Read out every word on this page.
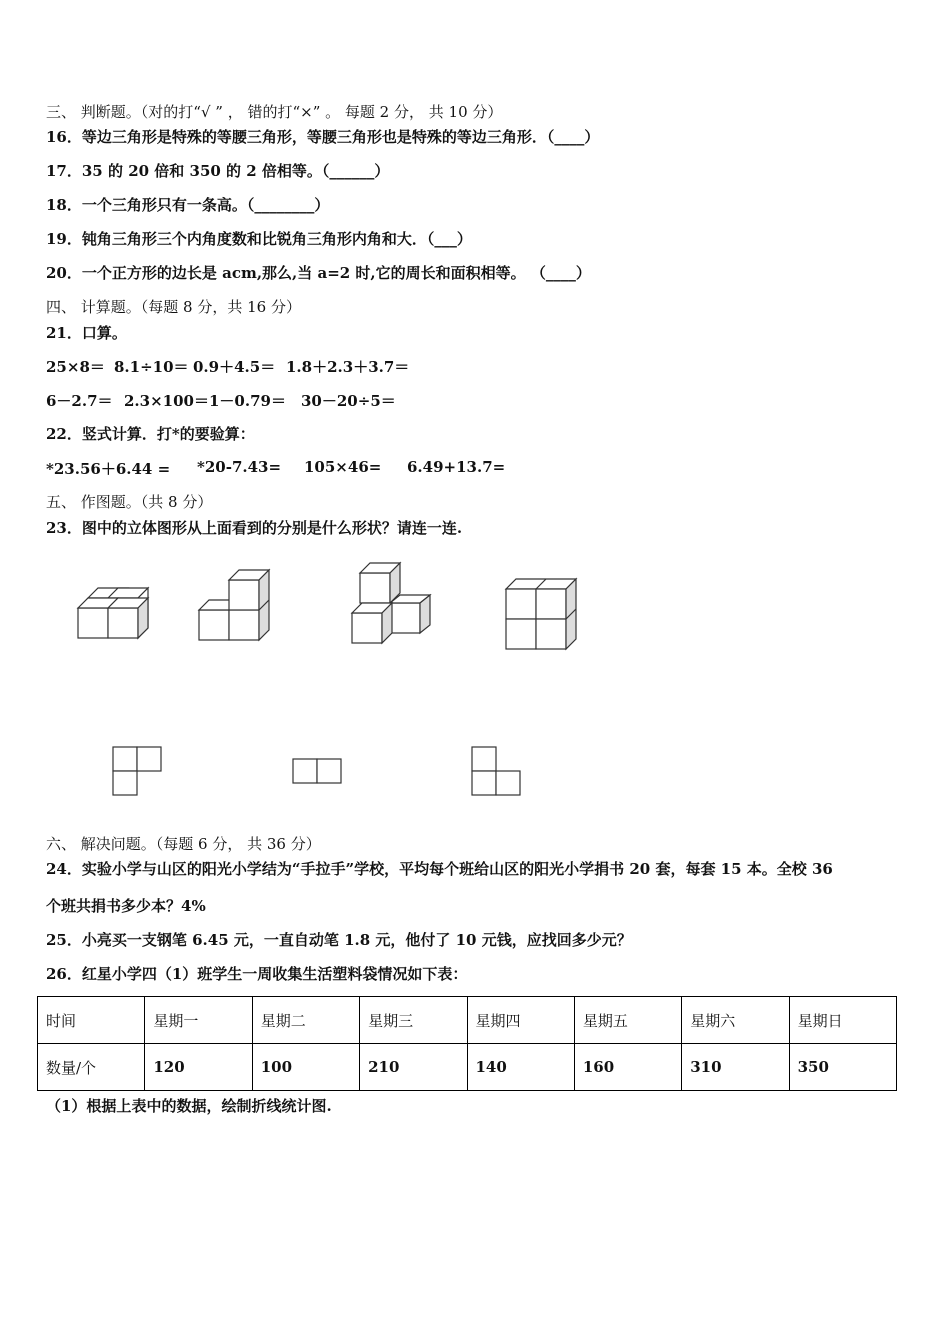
三、 判断题。（对的打“√ ” ， 错的打“×” 。 每题 2 分， 共 10 分）
16．等边三角形是特殊的等腰三角形，等腰三角形也是特殊的等边三角形．（____）
17．35 的 20 倍和 350 的 2 倍相等。（______）
18．一个三角形只有一条高。（________）
19．钝角三角形三个内角度数和比锐角三角形内角和大．（___）
20．一个正方形的边长是 acm,那么,当 a=2 时,它的周长和面积相等。 （____）
四、 计算题。（每题 8 分，共 16 分）
21．口算。
25×8＝ 8.1÷10＝ 0.9＋4.5＝ 1.8＋2.3＋3.7＝
6－2.7＝ 2.3×100＝ 1－0.79＝ 30－20÷5＝
22．竖式计算．打*的要验算：
*23.56＋6.44 = *20-7.43= 105×46= 6.49+13.7=
五、 作图题。（共 8 分）
23．图中的立体图形从上面看到的分别是什么形状？请连一连.
六、 解决问题。（每题 6 分， 共 36 分）
24．实验小学与山区的阳光小学结为“手拉手”学校，平均每个班给山区的阳光小学捐书 20 套，每套 15 本。全校 36
个班共捐书多少本？4%
25．小亮买一支钢笔 6.45 元，一直自动笔 1.8 元，他付了 10 元钱，应找回多少元？
26．红星小学四（1）班学生一周收集生活塑料袋情况如下表：
时间	星期一	星期二	星期三	星期四	星期五	星期六	星期日
数量/个	120	100	210	140	160	310	350
（1）根据上表中的数据，绘制折线统计图.
